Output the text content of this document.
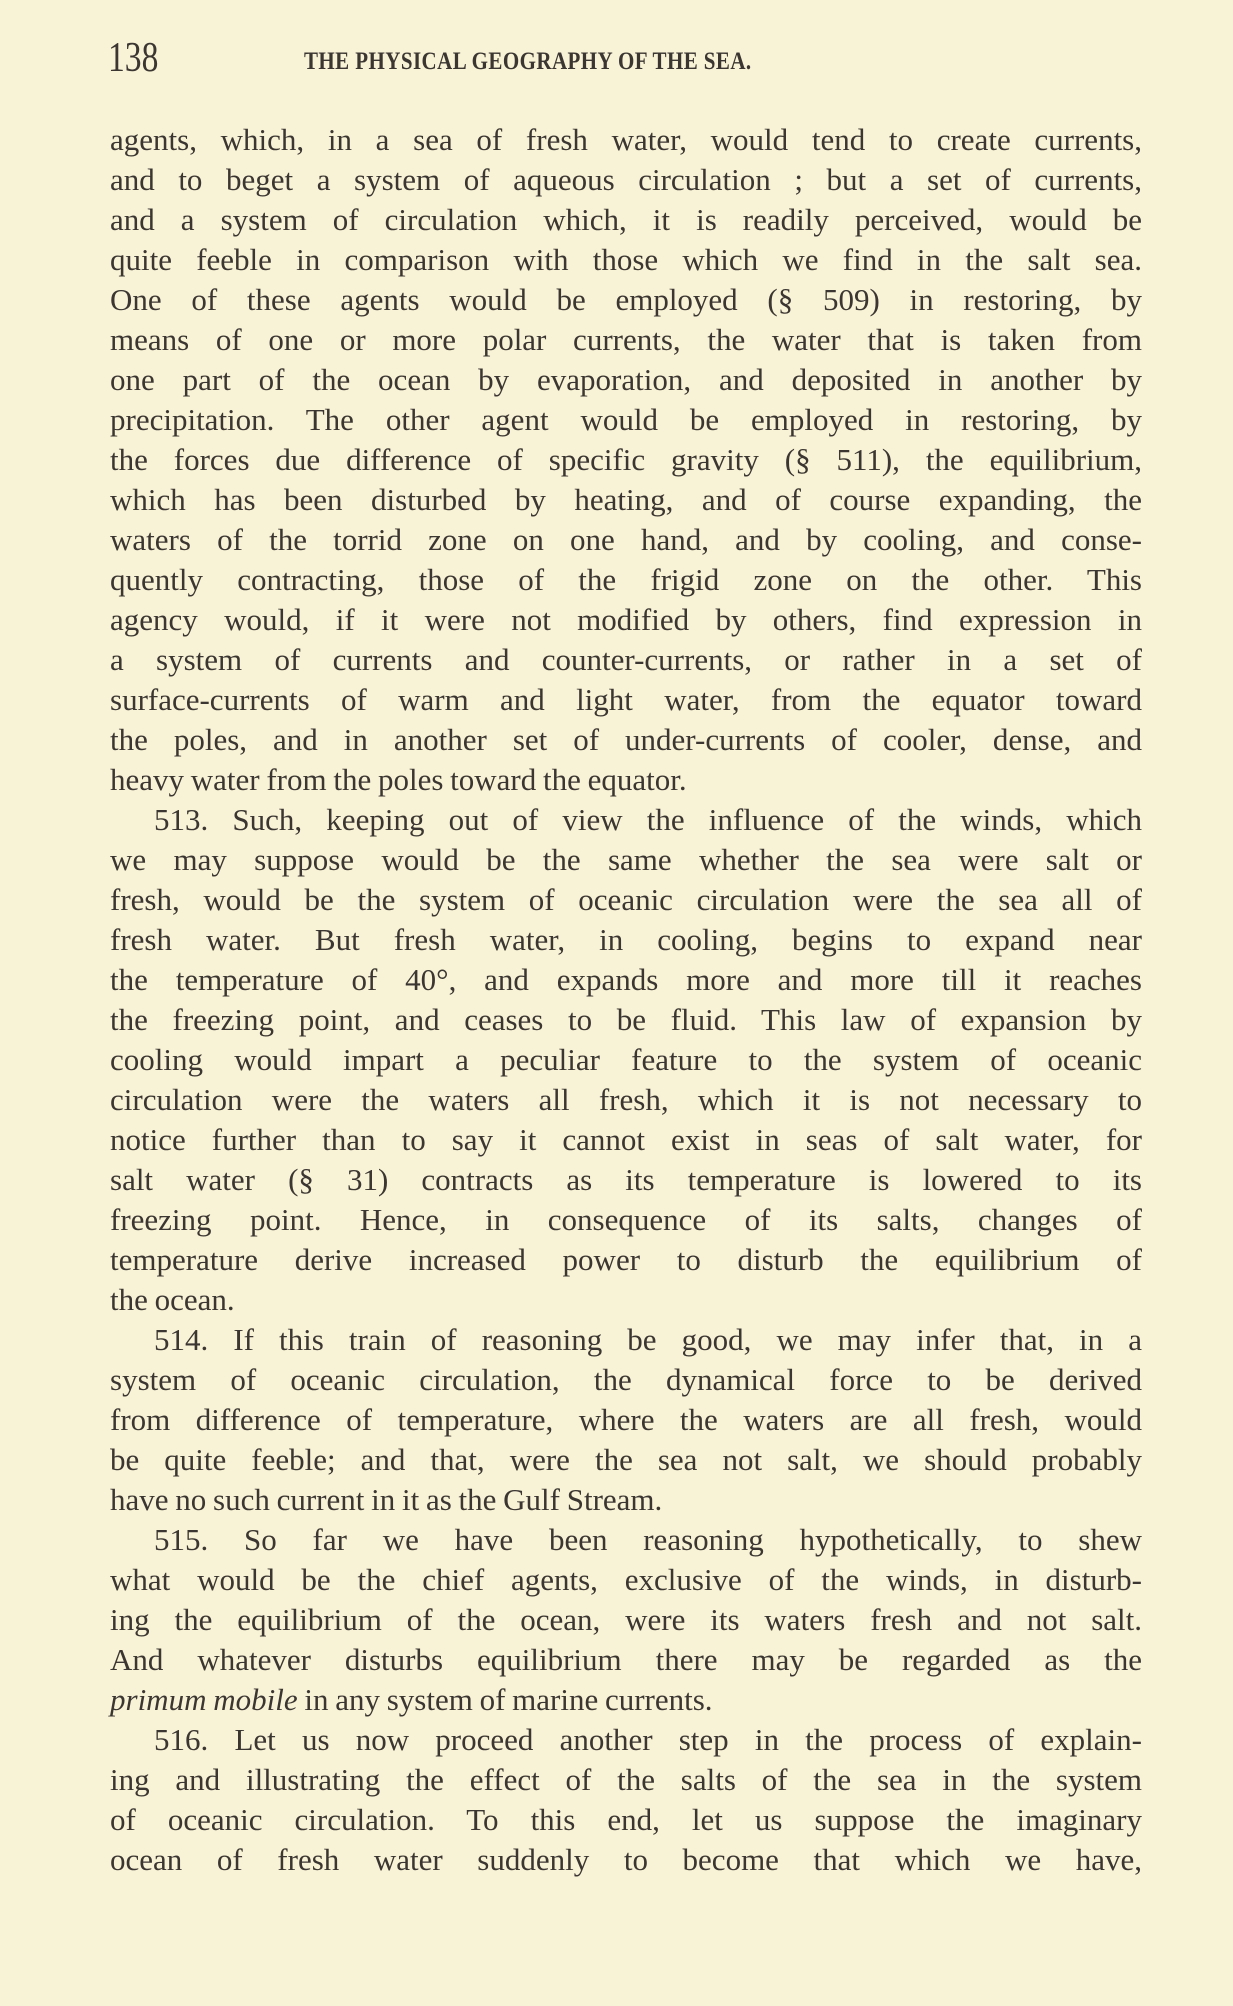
138	THE PHYSICAL GEOGRAPHY OF THE SEA.
agents, which, in a sea of fresh water, would tend to create currents,
and to beget a system of aqueous circulation ; but a set of currents,
and a system of circulation which, it is readily perceived, would be
quite feeble in comparison with those which we find in the salt sea.
One of these agents would be employed (§ 509) in restoring, by
means of one or more polar currents, the water that is taken from
one part of the ocean by evaporation, and deposited in another by
precipitation. The other agent would be employed in restoring, by
the forces due difference of specific gravity (§ 511), the equilibrium,
which has been disturbed by heating, and of course expanding, the
waters of the torrid zone on one hand, and by cooling, and conse-
quently contracting, those of the frigid zone on the other. This
agency would, if it were not modified by others, find expression in
a system of currents and counter-currents, or rather in a set of
surface-currents of warm and light water, from the equator toward
the poles, and in another set of under-currents of cooler, dense, and
heavy water from the poles toward the equator.
513. Such, keeping out of view the influence of the winds, which
we may suppose would be the same whether the sea were salt or
fresh, would be the system of oceanic circulation were the sea all of
fresh water. But fresh water, in cooling, begins to expand near
the temperature of 40°, and expands more and more till it reaches
the freezing point, and ceases to be fluid. This law of expansion by
cooling would impart a peculiar feature to the system of oceanic
circulation were the waters all fresh, which it is not necessary to
notice further than to say it cannot exist in seas of salt water, for
salt water (§ 31) contracts as its temperature is lowered to its
freezing point. Hence, in consequence of its salts, changes of
temperature derive increased power to disturb the equilibrium of
the ocean.
514. If this train of reasoning be good, we may infer that, in a
system of oceanic circulation, the dynamical force to be derived
from difference of temperature, where the waters are all fresh, would
be quite feeble; and that, were the sea not salt, we should probably
have no such current in it as the Gulf Stream.
515. So far we have been reasoning hypothetically, to shew
what would be the chief agents, exclusive of the winds, in disturb-
ing the equilibrium of the ocean, were its waters fresh and not salt.
And whatever disturbs equilibrium there may be regarded as the
primum mobile in any system of marine currents.
516. Let us now proceed another step in the process of explain-
ing and illustrating the effect of the salts of the sea in the system
of oceanic circulation. To this end, let us suppose the imaginary
ocean of fresh water suddenly to become that which we have,
